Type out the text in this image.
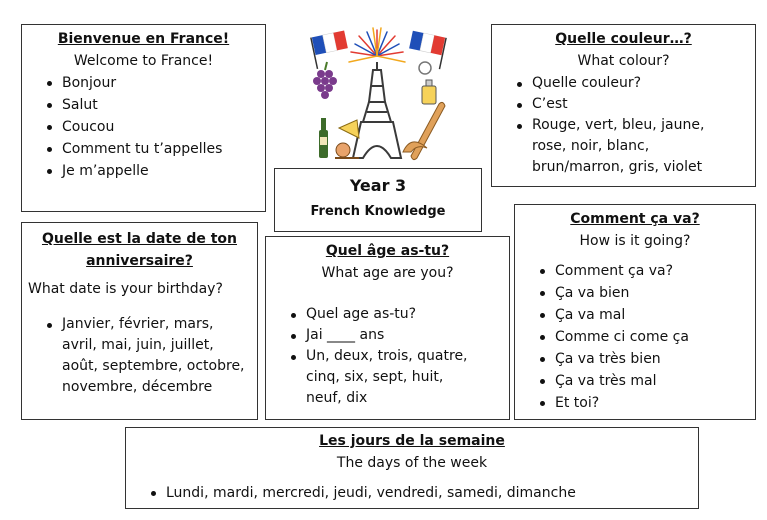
Bienvenue en France!

Welcome to France!

Bonjour
Salut
Coucou
Comment tu t’appelles
Je m’appelle

Quelle couleur…?

What colour?

Quelle couleur?
C’est
Rouge, vert, bleu, jaune, rose, noir, blanc, brun/marron, gris, violet

Year 3

French Knowledge

Quelle est la date de ton

anniversaire?

What date is your birthday?

Janvier, février, mars, avril, mai, juin, juillet, août, septembre, octobre, novembre, décembre

Quel âge as-tu?

What age are you?

Quel age as-tu?
Jai ____ ans
Un, deux, trois, quatre, cinq, six, sept, huit, neuf, dix

Comment ça va?

How is it going?

Comment ça va?
Ça va bien
Ça va mal
Comme ci come ça
Ça va très bien
Ça va très mal
Et toi?

Les jours de la semaine

The days of the week

Lundi, mardi, mercredi, jeudi, vendredi, samedi, dimanche
